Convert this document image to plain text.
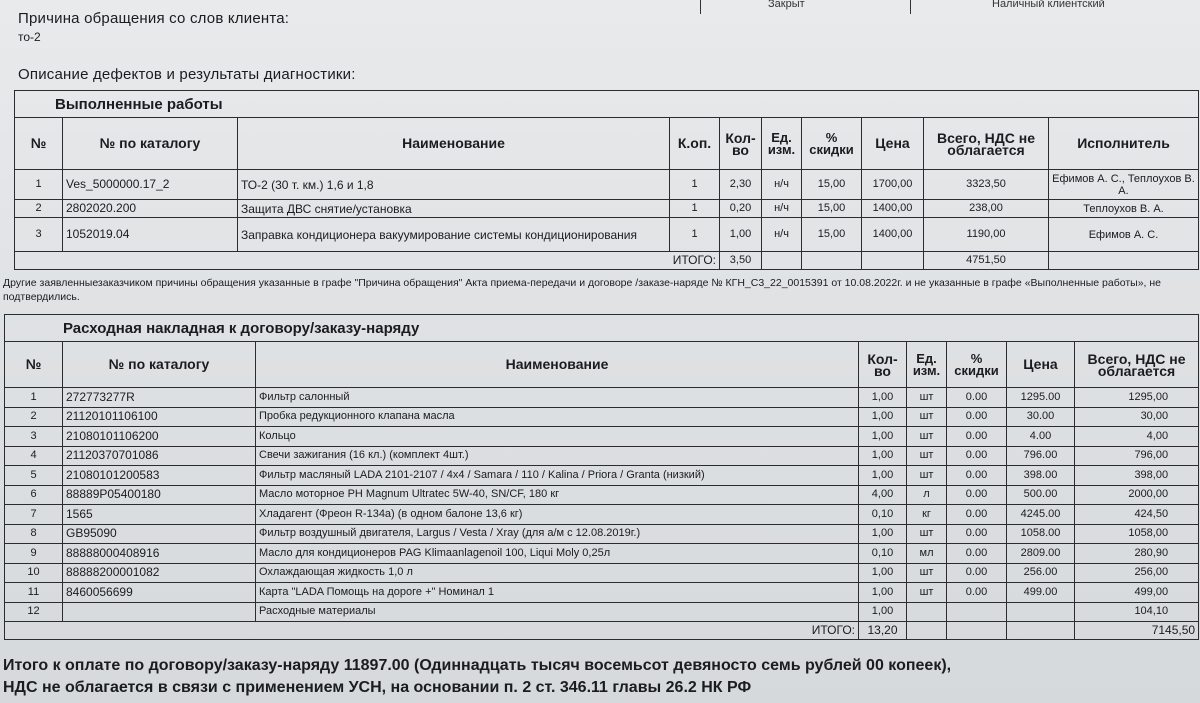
Закрыт	Наличный клиентский
Причина обращения со слов клиента:
то-2
Описание дефектов и результаты диагностики:
Выполненные работы									
№	№ по каталогу	Наименование	К.оп.	Кол-во	Ед. изм.	% скидки	Цена	Всего, НДС не облагается	Исполнитель
1	Ves_5000000.17_2	ТО-2 (30 т. км.) 1,6 и 1,8	1	2,30	н/ч	15,00	1700,00	3323,50	Ефимов А. С., Теплоухов В. А.
2	2802020.200	Защита ДВС снятие/установка	1	0,20	н/ч	15,00	1400,00	238,00	Теплоухов В. А.
3	1052019.04	Заправка кондиционера вакуумирование системы кондиционирования	1	1,00	н/ч	15,00	1400,00	1190,00	Ефимов А. С.
ИТОГО:				3,50				4751,50	
Другие заявленныезаказчиком причины обращения указанные в графе "Причина обращения" Акта приема-передачи и договоре /заказе-наряде № КГН_С3_22_0015391 от 10.08.2022г. и не указанные в графе «Выполненные работы», не подтвердились.
Расходная накладная к договору/заказу-наряду							
№	№ по каталогу	Наименование	Кол-во	Ед. изм.	% скидки	Цена	Всего, НДС не облагается
1	272773277R	Фильтр салонный	1,00	шт	0.00	1295.00	1295,00
2	21120101106100	Пробка редукционного клапана масла	1,00	шт	0.00	30.00	30,00
3	21080101106200	Кольцо	1,00	шт	0.00	4.00	4,00
4	21120370701086	Свечи зажигания (16 кл.) (комплект 4шт.)	1,00	шт	0.00	796.00	796,00
5	21080101200583	Фильтр масляный LADA 2101-2107 / 4x4 / Samara / 110 / Kalina / Priora / Granta (низкий)	1,00	шт	0.00	398.00	398,00
6	88889P05400180	Масло моторное PH Magnum Ultratec 5W-40, SN/CF, 180 кг	4,00	л	0.00	500.00	2000,00
7	1565	Хладагент (Фреон R-134a) (в одном балоне 13,6 кг)	0,10	кг	0.00	4245.00	424,50
8	GB95090	Фильтр воздушный двигателя, Largus / Vesta / Xray (для а/м с 12.08.2019г.)	1,00	шт	0.00	1058.00	1058,00
9	88888000408916	Масло для кондиционеров PAG Klimaanlagenoil 100, Liqui Moly 0,25л	0,10	мл	0.00	2809.00	280,90
10	88888200001082	Охлаждающая жидкость 1,0 л	1,00	шт	0.00	256.00	256,00
11	8460056699	Карта "LADA Помощь на дороге +" Номинал 1	1,00	шт	0.00	499.00	499,00
12		Расходные материалы	1,00				104,10
ИТОГО:			13,20				7145,50
Итого к оплате по договору/заказу-наряду 11897.00 (Одиннадцать тысяч восемьсот девяносто семь рублей 00 копеек),
НДС не облагается в связи с применением УСН, на основании п. 2 ст. 346.11 главы 26.2 НК РФ
